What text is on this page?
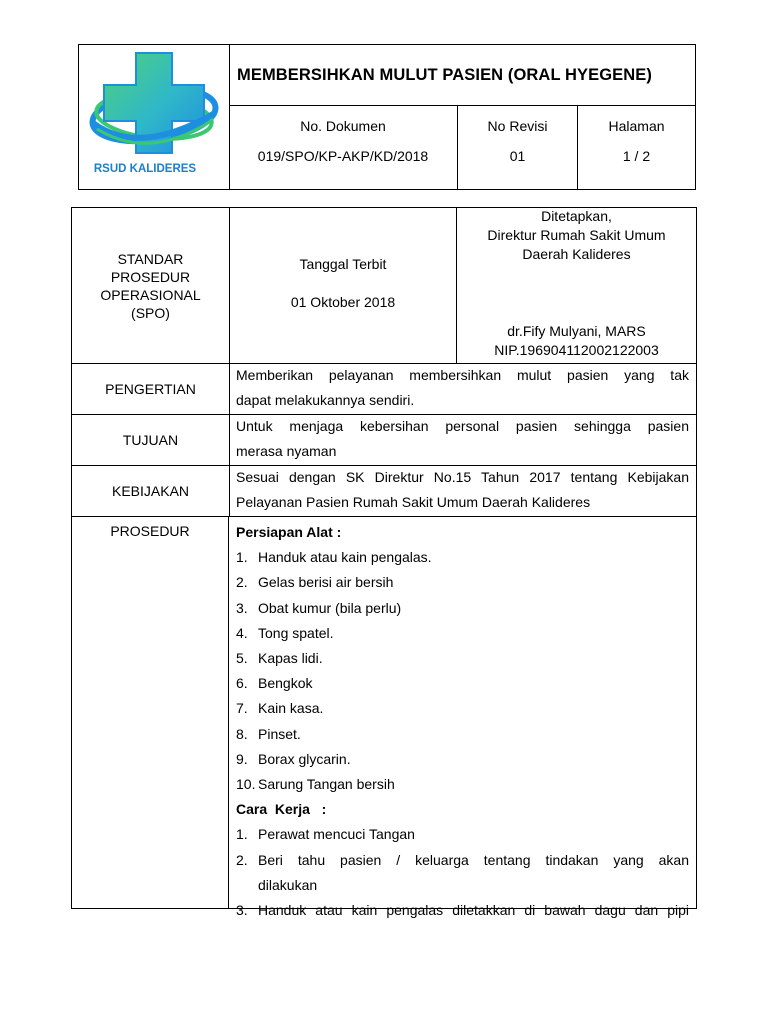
RSUD KALIDERES
MEMBERSIHKAN MULUT PASIEN (ORAL HYEGENE)
No. Dokumen
019/SPO/KP-AKP/KD/2018
No Revisi
01
Halaman
1 / 2
STANDAR
PROSEDUR
OPERASIONAL
(SPO)
Tanggal Terbit
01 Oktober 2018
Ditetapkan,
Direktur Rumah Sakit Umum
Daerah Kalideres
dr.Fify Mulyani, MARS
NIP.196904112002122003
PENGERTIAN
Memberikan pelayanan membersihkan mulut pasien yang tak
dapat melakukannya sendiri.
TUJUAN
Untuk menjaga kebersihan personal pasien sehingga pasien
merasa nyaman
KEBIJAKAN
Sesuai dengan SK Direktur No.15 Tahun 2017 tentang Kebijakan
Pelayanan Pasien Rumah Sakit Umum Daerah Kalideres
PROSEDUR	Persiapan Alat :
1. Handuk atau kain pengalas.
2. Gelas berisi air bersih
3. Obat kumur (bila perlu)
4. Tong spatel.
5. Kapas lidi.
6. Bengkok
7. Kain kasa.
8. Pinset.
9. Borax glycarin.
10. Sarung Tangan bersih
Cara  Kerja   :
1. Perawat mencuci Tangan
2. Beri tahu pasien / keluarga tentang tindakan yang akan
dilakukan
3. Handuk atau kain pengalas diletakkan di bawah dagu dan pipi
